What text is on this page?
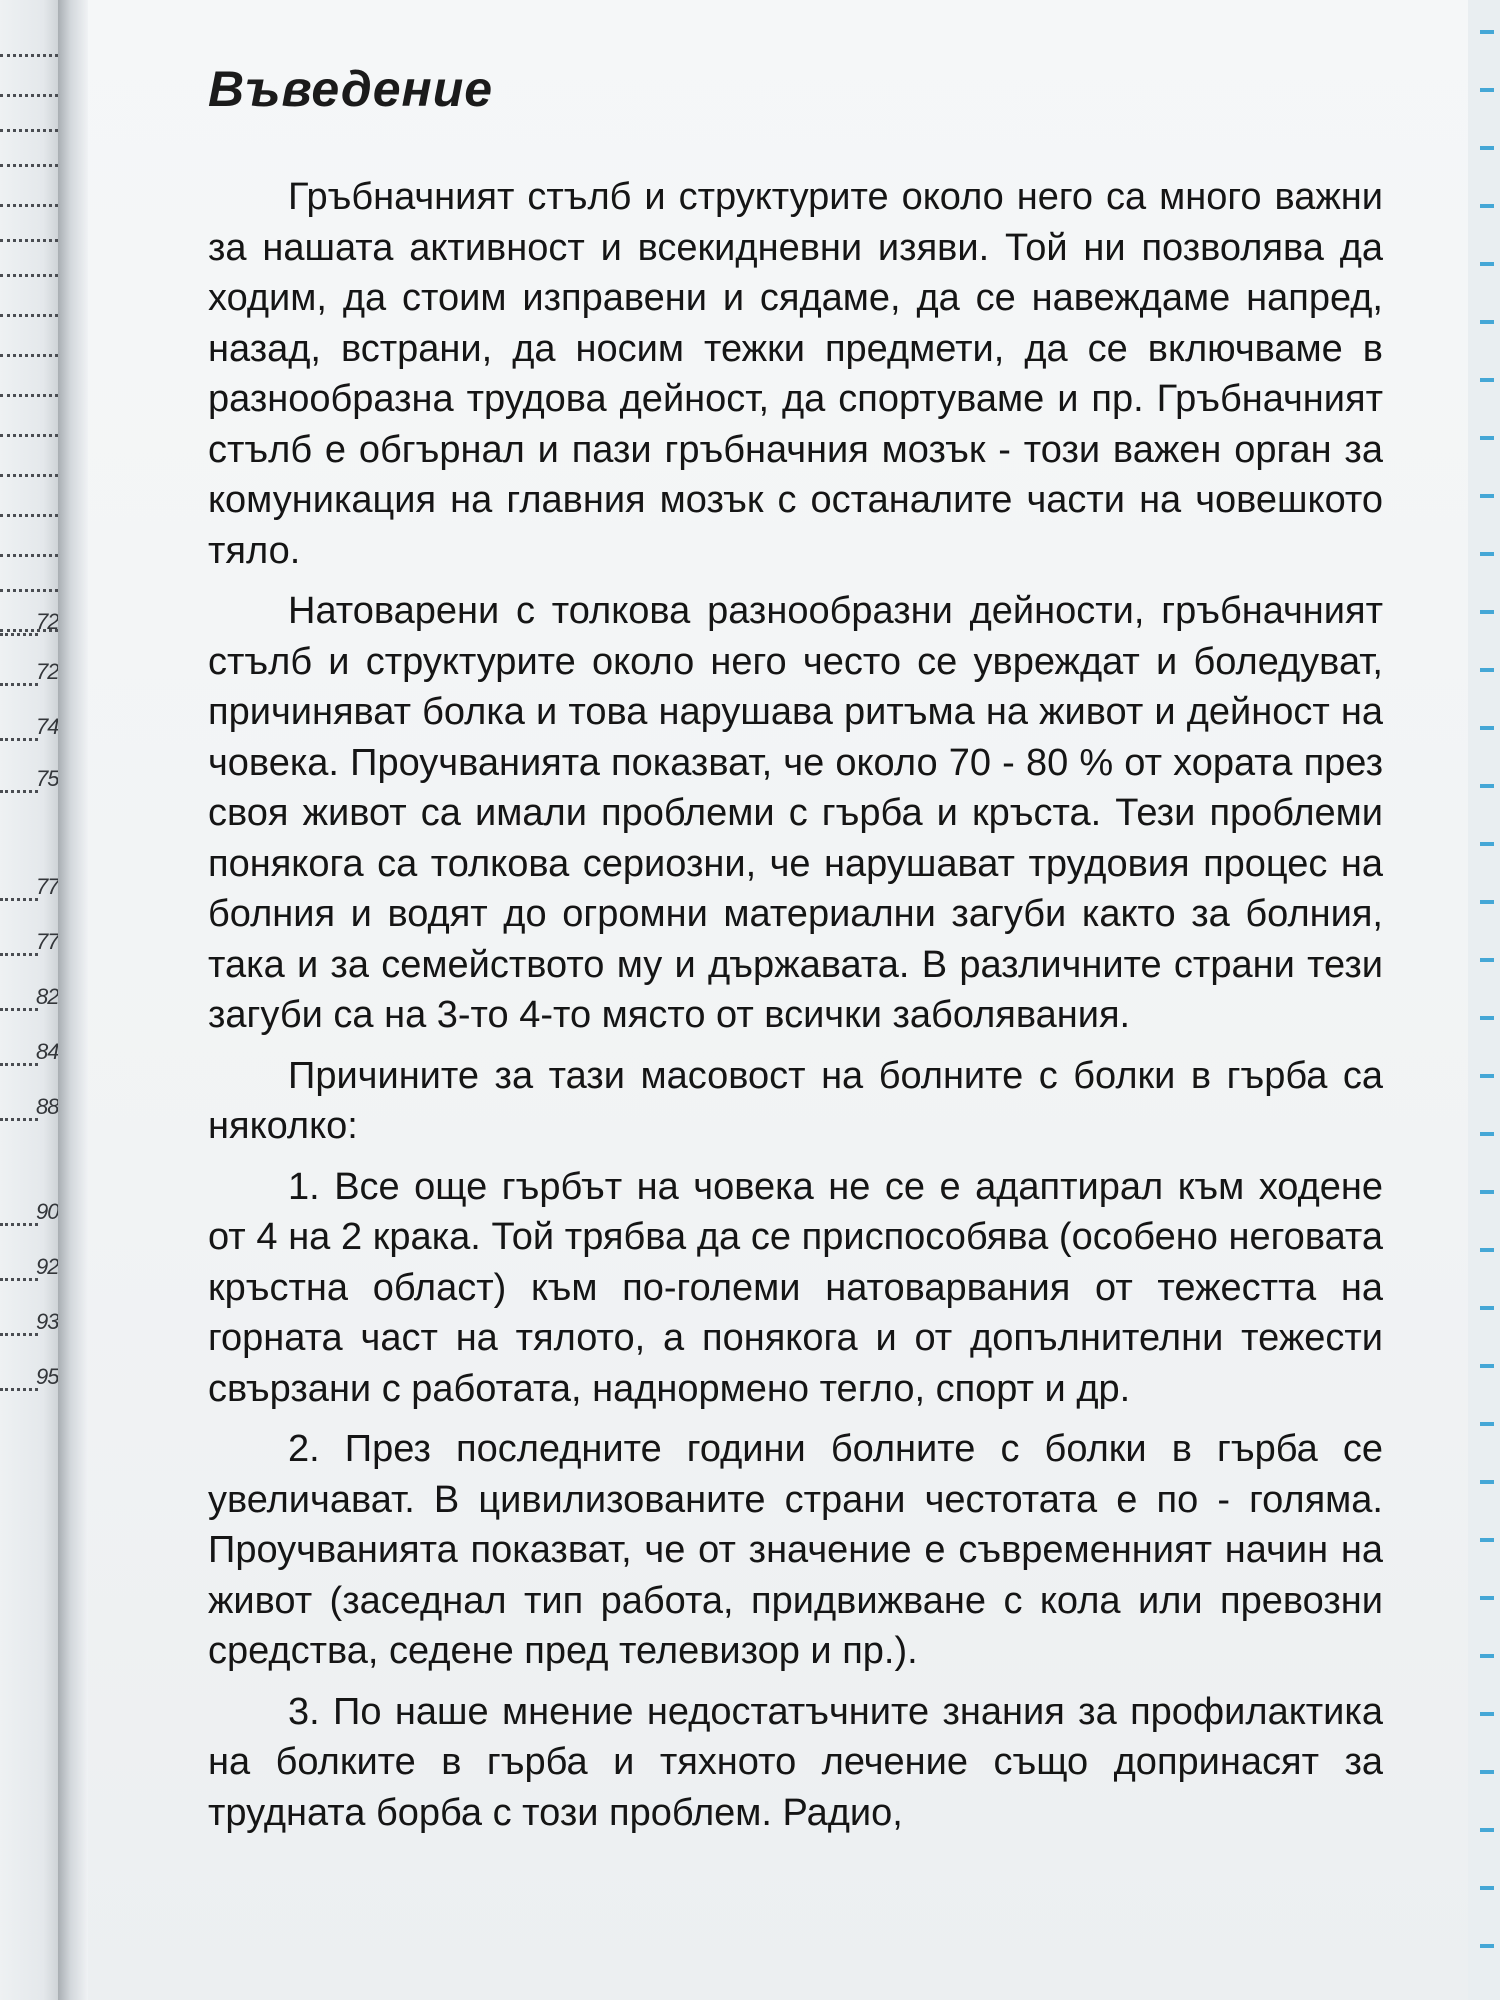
72
72
74
75
77
77
82
84
88
90
92
93
95
Въведение

Гръбначният стълб и структурите около него са много важни за нашата активност и всекидневни изяви. Той ни позволява да ходим, да стоим изправени и сядаме, да се навеждаме напред, назад, встрани, да носим тежки предмети, да се включваме в разнообразна трудова дейност, да спортуваме и пр. Гръбначният стълб е обгърнал и пази гръбначния мозък - този важен орган за комуникация на главния мозък с останалите части на човешкото тяло.

Натоварени с толкова разнообразни дейности, гръбначният стълб и структурите около него често се увреждат и боледуват, причиняват болка и това нарушава ритъма на живот и дейност на човека. Проучванията показват, че около 70 - 80 % от хората през своя живот са имали проблеми с гърба и кръста. Тези проблеми понякога са толкова сериозни, че нарушават трудовия процес на болния и водят до огромни материални загуби както за болния, така и за семейството му и държавата. В различните страни тези загуби са на 3-то 4-то място от всички заболявания.

Причините за тази масовост на болните с болки в гърба са няколко:

1. Все още гърбът на човека не се е адаптирал към ходене от 4 на 2 крака. Той трябва да се приспособява (особено неговата кръстна област) към по-големи натоварвания от тежестта на горната част на тялото, а понякога и от допълнителни тежести свързани с работата, наднормено тегло, спорт и др.

2. През последните години болните с болки в гърба се увеличават. В цивилизованите страни честотата е по - голяма. Проучванията показват, че от значение е съвременният начин на живот (заседнал тип работа, придвижване с кола или превозни средства, седене пред телевизор и пр.).

3. По наше мнение недостатъчните знания за профилактика на болките в гърба и тяхното лечение също допринасят за трудната борба с този проблем. Радио,
